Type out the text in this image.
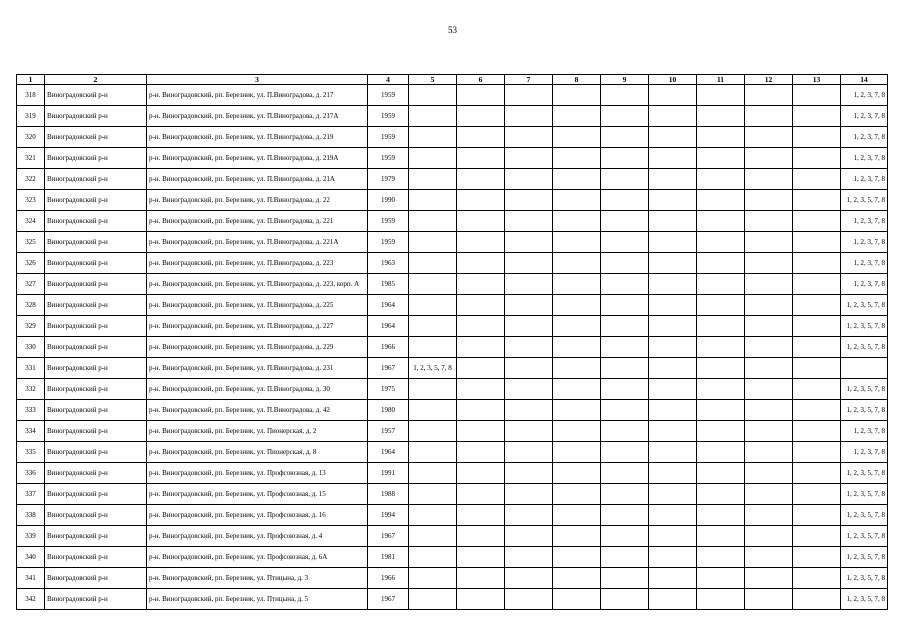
53
1	2	3	4	5	6	7	8	9	10	11	12	13	14
318	Виноградовский р-н	р-н. Виноградовский, рп. Березник, ул. П.Виноградова, д. 217	1959										1, 2, 3, 7, 8
319	Виноградовский р-н	р-н. Виноградовский, рп. Березник, ул. П.Виноградова, д. 217А	1959										1, 2, 3, 7, 8
320	Виноградовский р-н	р-н. Виноградовский, рп. Березник, ул. П.Виноградова, д. 219	1959										1, 2, 3, 7, 8
321	Виноградовский р-н	р-н. Виноградовский, рп. Березник, ул. П.Виноградова, д. 219А	1959										1, 2, 3, 7, 8
322	Виноградовский р-н	р-н. Виноградовский, рп. Березник, ул. П.Виноградова, д. 21А	1979										1, 2, 3, 7, 8
323	Виноградовский р-н	р-н. Виноградовский, рп. Березник, ул. П.Виноградова, д. 22	1990										1, 2, 3, 5, 7, 8
324	Виноградовский р-н	р-н. Виноградовский, рп. Березник, ул. П.Виноградова, д. 221	1959										1, 2, 3, 7, 8
325	Виноградовский р-н	р-н. Виноградовский, рп. Березник, ул. П.Виноградова, д. 221А	1959										1, 2, 3, 7, 8
326	Виноградовский р-н	р-н. Виноградовский, рп. Березник, ул. П.Виноградова, д. 223	1963										1, 2, 3, 7, 8
327	Виноградовский р-н	р-н. Виноградовский, рп. Березник, ул. П.Виноградова, д. 223, корп. А	1985										1, 2, 3, 7, 8
328	Виноградовский р-н	р-н. Виноградовский, рп. Березник, ул. П.Виноградова, д. 225	1964										1, 2, 3, 5, 7, 8
329	Виноградовский р-н	р-н. Виноградовский, рп. Березник, ул. П.Виноградова, д. 227	1964										1, 2, 3, 5, 7, 8
330	Виноградовский р-н	р-н. Виноградовский, рп. Березник, ул. П.Виноградова, д. 229	1966										1, 2, 3, 5, 7, 8
331	Виноградовский р-н	р-н. Виноградовский, рп. Березник, ул. П.Виноградова, д. 231	1967	1, 2, 3, 5, 7, 8									
332	Виноградовский р-н	р-н. Виноградовский, рп. Березник, ул. П.Виноградова, д. 30	1975										1, 2, 3, 5, 7, 8
333	Виноградовский р-н	р-н. Виноградовский, рп. Березник, ул. П.Виноградова, д. 42	1980										1, 2, 3, 5, 7, 8
334	Виноградовский р-н	р-н. Виноградовский, рп. Березник, ул. Пионерская, д. 2	1957										1, 2, 3, 7, 8
335	Виноградовский р-н	р-н. Виноградовский, рп. Березник, ул. Пионерская, д. 8	1964										1, 2, 3, 7, 8
336	Виноградовский р-н	р-н. Виноградовский, рп. Березник, ул. Профсоюзная, д. 13	1991										1, 2, 3, 5, 7, 8
337	Виноградовский р-н	р-н. Виноградовский, рп. Березник, ул. Профсоюзная, д. 15	1988										1, 2, 3, 5, 7, 8
338	Виноградовский р-н	р-н. Виноградовский, рп. Березник, ул. Профсоюзная, д. 16	1994										1, 2, 3, 5, 7, 8
339	Виноградовский р-н	р-н. Виноградовский, рп. Березник, ул. Профсоюзная, д. 4	1967										1, 2, 3, 5, 7, 8
340	Виноградовский р-н	р-н. Виноградовский, рп. Березник, ул. Профсоюзная, д. 6А	1981										1, 2, 3, 5, 7, 8
341	Виноградовский р-н	р-н. Виноградовский, рп. Березник, ул. Птицына, д. 3	1966										1, 2, 3, 5, 7, 8
342	Виноградовский р-н	р-н. Виноградовский, рп. Березник, ул. Птицына, д. 5	1967										1, 2, 3, 5, 7, 8
